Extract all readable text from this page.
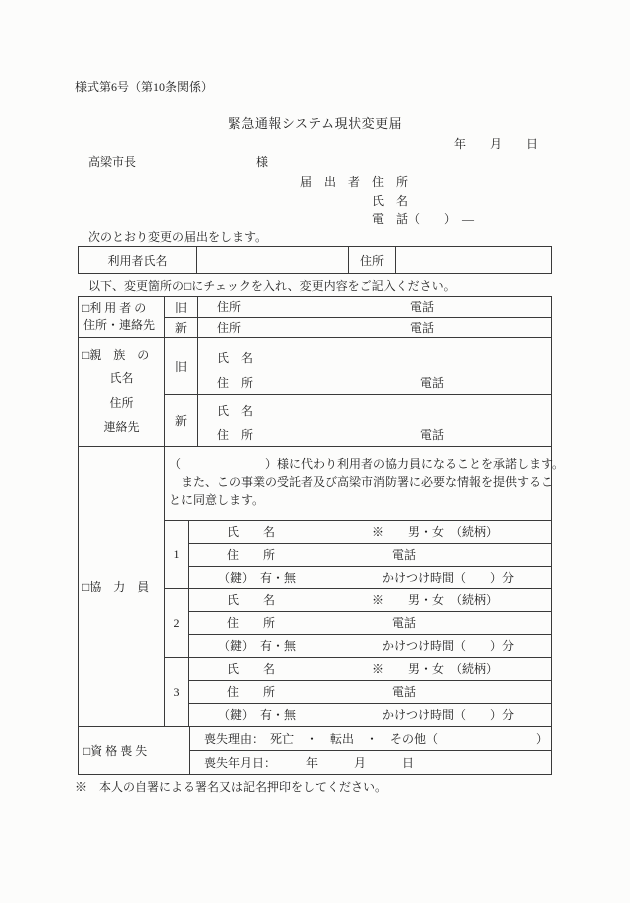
様式第6号（第10条関係）
緊急通報システム現状変更届
年　　月　　日
高梁市長	様
届　出　者　住　所
氏　名
電　話（　　）　―
次のとおり変更の届出をします。
利用者氏名	住所
以下、変更箇所の□にチェックを入れ、変更内容をご記入ください。
□利 用 者 の
住所・連絡先
旧	住所	電話
新	住所	電話
□親　族　の
氏名
住所
連絡先
旧
氏　名
住　所	電話
新
氏　名
住　所	電話
□協　力　員
（　　　　　　　）様に代わり利用者の協力員になることを承諾します。
　また、この事業の受託者及び高梁市消防署に必要な情報を提供するこ
とに同意します。
1
氏　　名	※　　男・女　（続柄）
住　　所	電話
（鍵）　有・無	かけつけ時間（　　）分
2
氏　　名	※　　男・女　（続柄）
住　　所	電話
（鍵）　有・無	かけつけ時間（　　）分
3
氏　　名	※　　男・女　（続柄）
住　　所	電話
（鍵）　有・無	かけつけ時間（　　）分
□資 格 喪 失
喪失理由：　死亡　・　転出　・　その他（	）
喪失年月日：　　　年　　　月　　　日
※　本人の自署による署名又は記名押印をしてください。
